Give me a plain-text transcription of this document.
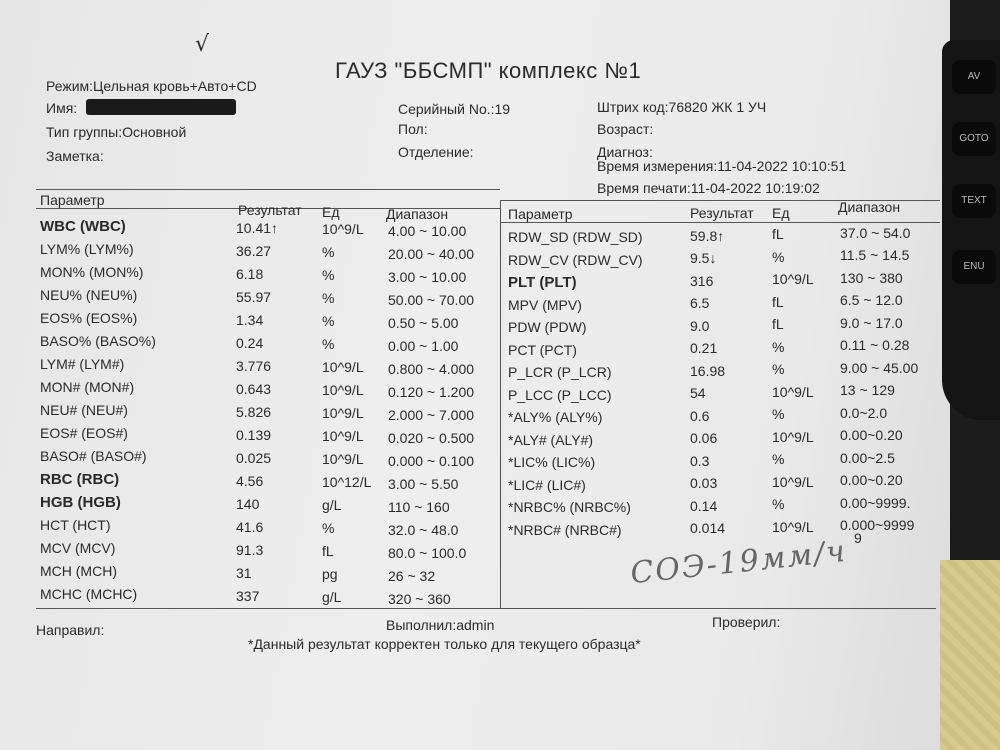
√
ГАУЗ "ББСМП" комплекс №1
Режим:Цельная кровь+Авто+CD
Имя:
Тип группы:Основной
Заметка:
Серийный No.:19
Пол:
Отделение:
Штрих код:76820 ЖК 1 УЧ
Возраст:
Диагноз:
Время измерения:11-04-2022 10:10:51
Время печати:11-04-2022 10:19:02
Параметр
Результат Ед	Диапазон	Параметр	Результат Ед	Диапазон
WBC (WBC)	10.41↑	10^9/L 4.00 ~ 10.00
LYM% (LYM%)	36.27	%	20.00 ~ 40.00
MON% (MON%)	6.18	%	3.00 ~ 10.00
NEU% (NEU%)	55.97	%	50.00 ~ 70.00
EOS% (EOS%)	1.34	%	0.50 ~ 5.00
BASO% (BASO%)	0.24	%	0.00 ~ 1.00
LYM# (LYM#)	3.776	10^9/L 0.800 ~ 4.000
MON# (MON#)	0.643	10^9/L 0.120 ~ 1.200
NEU# (NEU#)	5.826	10^9/L 2.000 ~ 7.000
EOS# (EOS#)	0.139	10^9/L 0.020 ~ 0.500
BASO# (BASO#)	0.025	10^9/L 0.000 ~ 0.100
RBC (RBC)	4.56	10^12/L 3.00 ~ 5.50
HGB (HGB)	140	g/L	110 ~ 160
HCT (HCT)	41.6	%	32.0 ~ 48.0
MCV (MCV)	91.3	fL	80.0 ~ 100.0
MCH (MCH)	31	pg	26 ~ 32
MCHC (MCHC)	337	g/L	320 ~ 360
RDW_SD (RDW_SD)	59.8↑	fL	37.0 ~ 54.0
RDW_CV (RDW_CV)	9.5↓	%	11.5 ~ 14.5
PLT (PLT)	316	10^9/L 130 ~ 380
MPV (MPV)	6.5	fL	6.5 ~ 12.0
PDW (PDW)	9.0	fL	9.0 ~ 17.0
PCT (PCT)	0.21	%	0.11 ~ 0.28
P_LCR (P_LCR)	16.98	%	9.00 ~ 45.00
P_LCC (P_LCC)	54	10^9/L 13 ~ 129
*ALY% (ALY%)	0.6	%	0.0~2.0
*ALY# (ALY#)	0.06	10^9/L 0.00~0.20
*LIC% (LIC%)	0.3	%	0.00~2.5
*LIC# (LIC#)	0.03	10^9/L 0.00~0.20
*NRBC% (NRBC%)	0.14	%	0.00~9999.
*NRBC# (NRBC#)	0.014	10^9/L 0.000~9999
9
СОЭ-19мм/ч
Направил:	Выполнил:admin	Проверил:
*Данный результат корректен только для текущего образца*
AV
GOTO
TEXT
ENU
